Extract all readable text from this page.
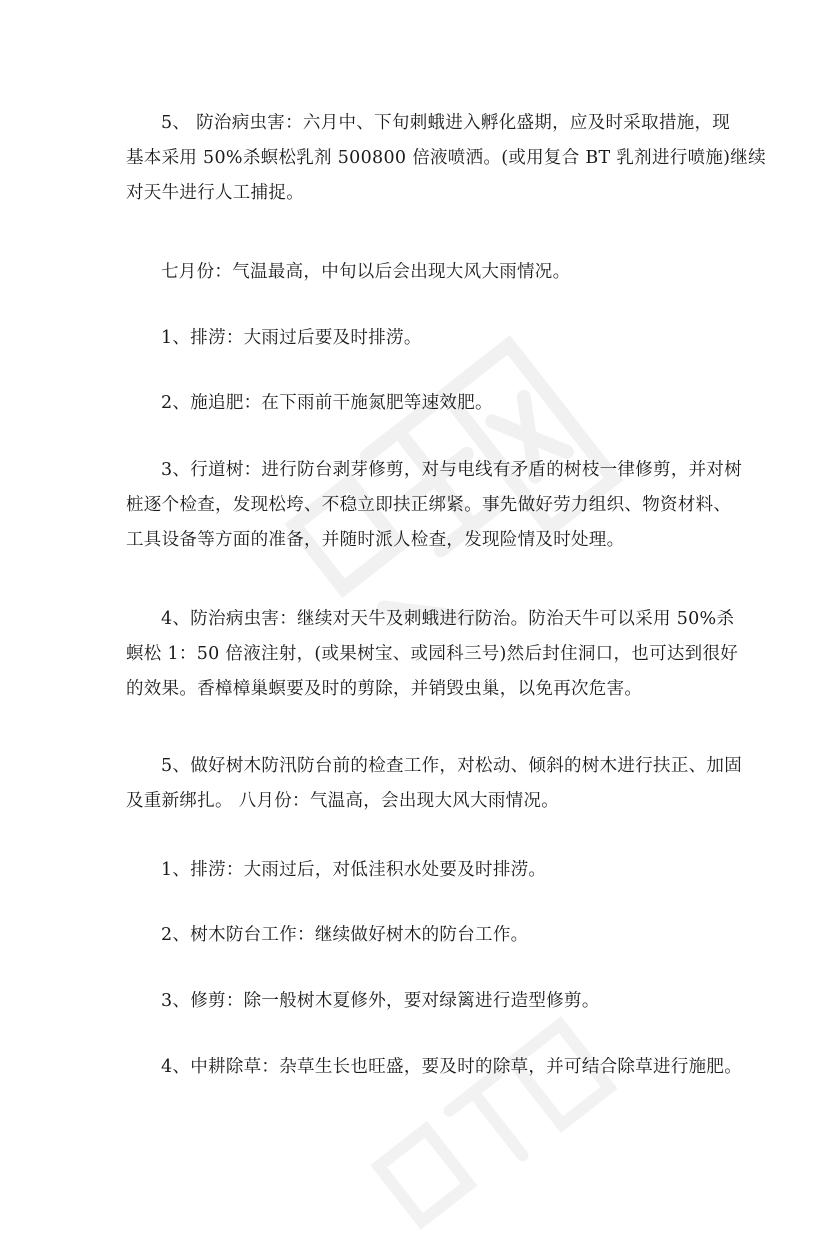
5、 防治病虫害：六月中、下旬刺蛾进入孵化盛期，应及时采取措施，现
基本采用 50%杀螟松乳剂 500800 倍液喷洒。(或用复合 BT 乳剂进行喷施)继续
对天牛进行人工捕捉。

七月份：气温最高，中旬以后会出现大风大雨情况。

1、排涝：大雨过后要及时排涝。

2、施追肥：在下雨前干施氮肥等速效肥。

3、行道树：进行防台剥芽修剪，对与电线有矛盾的树枝一律修剪，并对树
桩逐个检查，发现松垮、不稳立即扶正绑紧。事先做好劳力组织、物资材料、
工具设备等方面的准备，并随时派人检查，发现险情及时处理。

4、防治病虫害：继续对天牛及刺蛾进行防治。防治天牛可以采用 50%杀
螟松 1：50 倍液注射，(或果树宝、或园科三号)然后封住洞口，也可达到很好
的效果。香樟樟巢螟要及时的剪除，并销毁虫巢，以免再次危害。

5、做好树木防汛防台前的检查工作，对松动、倾斜的树木进行扶正、加固
及重新绑扎。 八月份：气温高，会出现大风大雨情况。

1、排涝：大雨过后，对低洼积水处要及时排涝。

2、树木防台工作：继续做好树木的防台工作。

3、修剪：除一般树木夏修外，要对绿篱进行造型修剪。

4、中耕除草：杂草生长也旺盛，要及时的除草，并可结合除草进行施肥。
